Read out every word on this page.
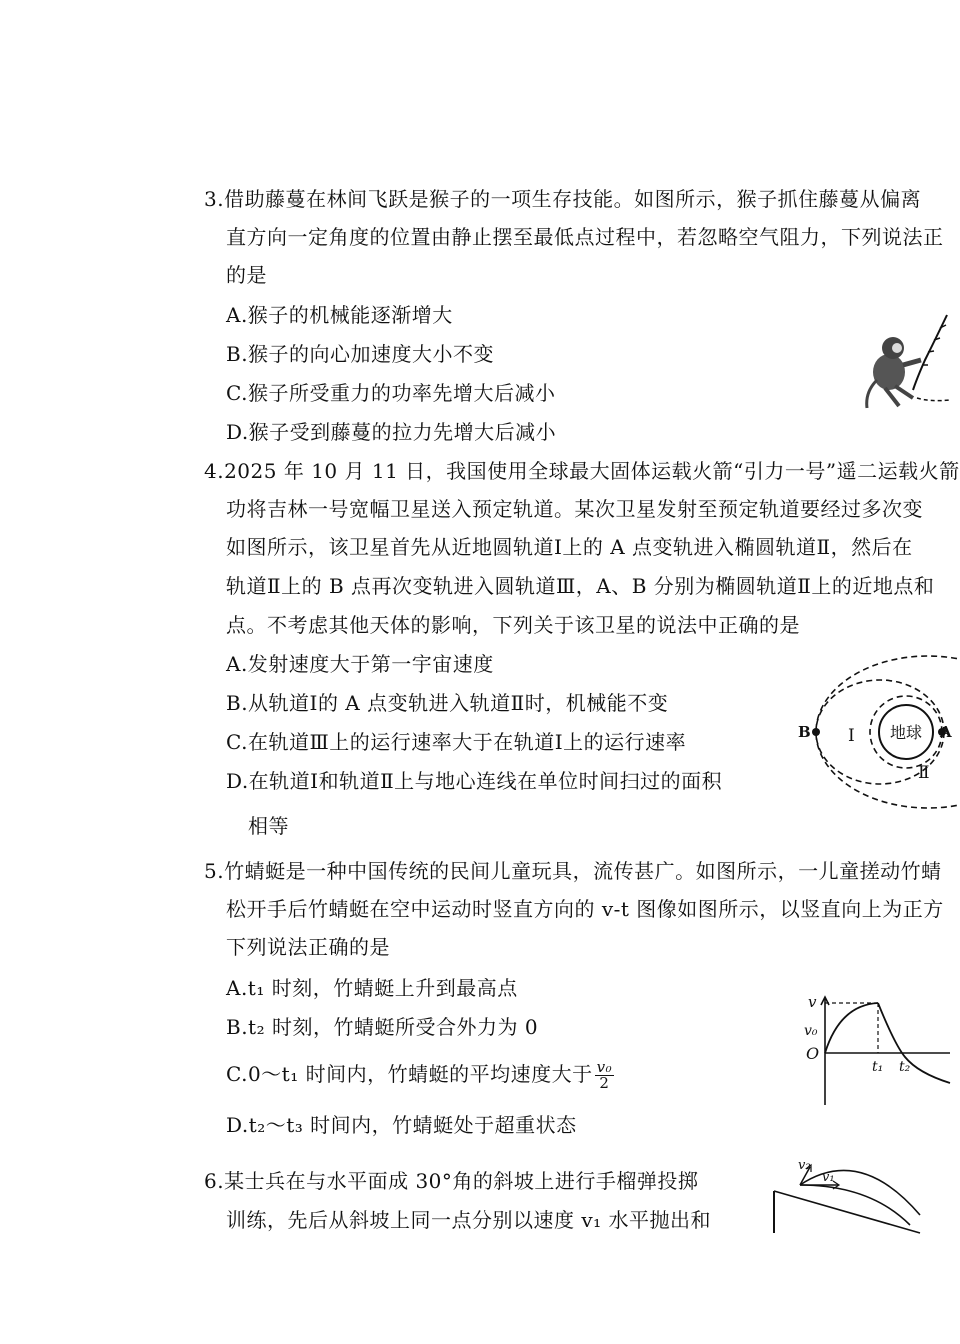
3.借助藤蔓在林间飞跃是猴子的一项生存技能。如图所示，猴子抓住藤蔓从偏离
直方向一定角度的位置由静止摆至最低点过程中，若忽略空气阻力，下列说法正
的是
A.猴子的机械能逐渐增大
B.猴子的向心加速度大小不变
C.猴子所受重力的功率先增大后减小
D.猴子受到藤蔓的拉力先增大后减小
4.2025 年 10 月 11 日，我国使用全球最大固体运载火箭“引力一号”遥二运载火箭
功将吉林一号宽幅卫星送入预定轨道。某次卫星发射至预定轨道要经过多次变
如图所示，该卫星首先从近地圆轨道Ⅰ上的 A 点变轨进入椭圆轨道Ⅱ，然后在
轨道Ⅱ上的 B 点再次变轨进入圆轨道Ⅲ，A、B 分别为椭圆轨道Ⅱ上的近地点和
点。不考虑其他天体的影响，下列关于该卫星的说法中正确的是
A.发射速度大于第一宇宙速度
B.从轨道Ⅰ的 A 点变轨进入轨道Ⅱ时，机械能不变
C.在轨道Ⅲ上的运行速率大于在轨道Ⅰ上的运行速率
D.在轨道Ⅰ和轨道Ⅱ上与地心连线在单位时间扫过的面积
相等
地球
B	A
Ⅰ
Ⅱ
5.竹蜻蜓是一种中国传统的民间儿童玩具，流传甚广。如图所示，一儿童搓动竹蜻
松开手后竹蜻蜓在空中运动时竖直方向的 v-t 图像如图所示，以竖直向上为正方
下列说法正确的是
A.t₁ 时刻，竹蜻蜓上升到最高点
B.t₂ 时刻，竹蜻蜓所受合外力为 0
C.0～t₁ 时间内，竹蜻蜓的平均速度大于 $\frac{\text{v₀}}{2}$
D.t₂～t₃ 时间内，竹蜻蜓处于超重状态
v
v₀
O
t₁ t₂
6.某士兵在与水平面成 30°角的斜坡上进行手榴弹投掷
训练，先后从斜坡上同一点分别以速度 v₁ 水平抛出和
v₂
v₁
